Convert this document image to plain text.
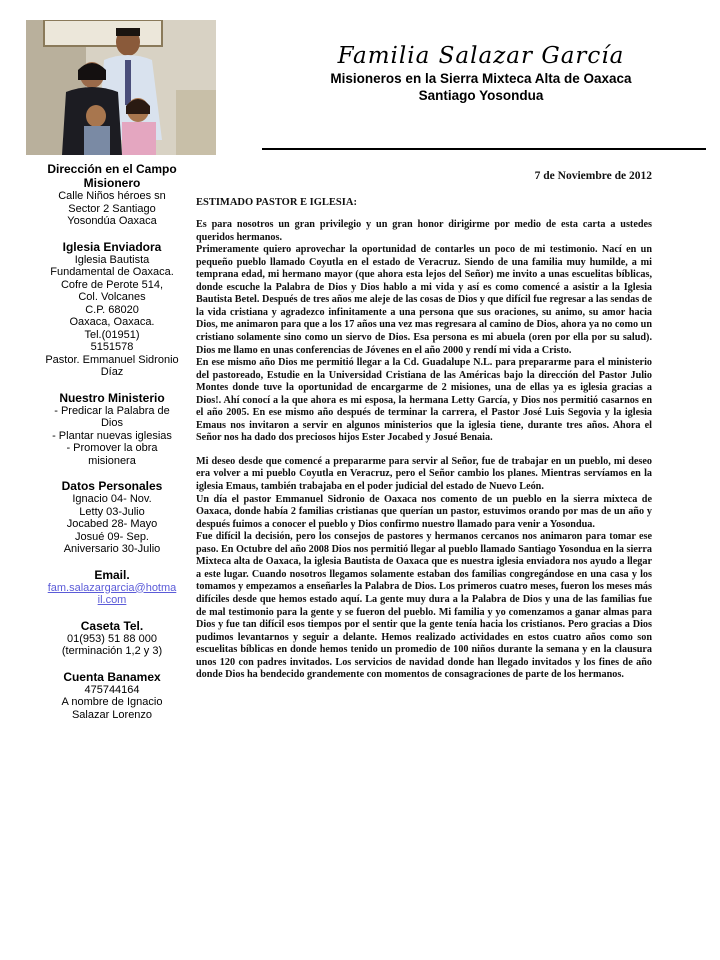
Familia Salazar García
Misioneros en la Sierra Mixteca Alta de Oaxaca
Santiago Yosondua
Dirección en el Campo Misionero
Calle Niños héroes sn
Sector 2 Santiago
Yosondúa Oaxaca
Iglesia Enviadora
Iglesia Bautista
Fundamental de Oaxaca.
Cofre de Perote 514,
Col. Volcanes
C.P. 68020
Oaxaca, Oaxaca.
Tel.(01951)
5151578
Pastor. Emmanuel Sidronio
Díaz
Nuestro Ministerio
- Predicar la Palabra de
Dios
- Plantar nuevas iglesias
- Promover la obra
misionera
Datos Personales
Ignacio 04- Nov.
Letty 03-Julio
Jocabed 28- Mayo
Josué 09- Sep.
Aniversario 30-Julio
Email.
fam.salazargarcia@hotma
il.com
Caseta Tel.
01(953) 51 88 000
(terminación 1,2 y 3)
Cuenta Banamex
475744164
A nombre de Ignacio
Salazar Lorenzo
7 de Noviembre de 2012
ESTIMADO PASTOR E IGLESIA:

Es para nosotros un gran privilegio y un gran honor dirigirme por medio de esta carta a ustedes queridos hermanos.

Primeramente quiero aprovechar la oportunidad de contarles un poco de mi testimonio. Nací en un pequeño pueblo llamado Coyutla en el estado de Veracruz. Siendo de una familia muy humilde, a mi temprana edad, mi hermano mayor (que ahora esta lejos del Señor) me invito a unas escuelitas bíblicas, donde escuche la Palabra de Dios y Dios hablo a mi vida y así es como comencé a asistir a la Iglesia Bautista Betel. Después de tres años me aleje de las cosas de Dios y que difícil fue regresar a las sendas de la vida cristiana y agradezco infinitamente a una persona que sus oraciones, su animo, su amor hacia Dios, me animaron para que a los 17 años una vez mas regresara al camino de Dios, ahora ya no como un cristiano solamente sino como un siervo de Dios. Esa persona es mi abuela (oren por ella por su salud). Dios me llamo en unas conferencias de Jóvenes en el año 2000 y rendí mi vida a Cristo.

En ese mismo año Dios me permitió llegar a la Cd. Guadalupe N.L. para prepararme para el ministerio del pastoreado, Estudie en la Universidad Cristiana de las Américas bajo la dirección del Pastor Julio Montes donde tuve la oportunidad de encargarme de 2 misiones, una de ellas ya es iglesia gracias a Dios!. Ahí conocí a la que ahora es mi esposa, la hermana Letty García, y Dios nos permitió casarnos en el año 2005. En ese mismo año después de terminar la carrera, el Pastor José Luis Segovia y la iglesia Emaus nos invitaron a servir en algunos ministerios que la iglesia tiene, durante tres años. Ahora el Señor nos ha dado dos preciosos hijos Ester Jocabed y Josué Benaia.

Mi deseo desde que comencé a prepararme para servir al Señor, fue de trabajar en un pueblo, mi deseo era volver a mi pueblo Coyutla en Veracruz, pero el Señor cambio los planes. Mientras servíamos en la iglesia Emaus, también trabajaba en el poder judicial del estado de Nuevo León.

Un día el pastor Emmanuel Sidronio de Oaxaca nos comento de un pueblo en la sierra mixteca de Oaxaca, donde había 2 familias cristianas que querían un pastor, estuvimos orando por mas de un año y después fuimos a conocer el pueblo y Dios confirmo nuestro llamado para venir a Yosondua.

Fue difícil la decisión, pero los consejos de pastores y hermanos cercanos nos animaron para tomar ese paso. En Octubre del año 2008 Dios nos permitió llegar al pueblo llamado Santiago Yosondua en la sierra Mixteca alta de Oaxaca, la iglesia Bautista de Oaxaca que es nuestra iglesia enviadora nos ayudo a llegar a este lugar. Cuando nosotros llegamos solamente estaban dos familias congregándose en una casa y los tomamos y empezamos a enseñarles la Palabra de Dios. Los primeros cuatro meses, fueron los meses más difíciles desde que hemos estado aquí. La gente muy dura a la Palabra de Dios y una de las familias fue de mal testimonio para la gente y se fueron del pueblo. Mi familia y yo comenzamos a ganar almas para Dios y fue tan difícil esos tiempos por el sentir que la gente tenía hacia los cristianos. Pero gracias a Dios pudimos levantarnos y seguir a delante. Hemos realizado actividades en estos cuatro años como son escuelitas bíblicas en donde hemos tenido un promedio de 100 niños durante la semana y en la clausura unos 120 con padres invitados. Los servicios de navidad donde han llegado invitados y los fines de año donde Dios ha bendecido grandemente con momentos de consagraciones de parte de los hermanos.
